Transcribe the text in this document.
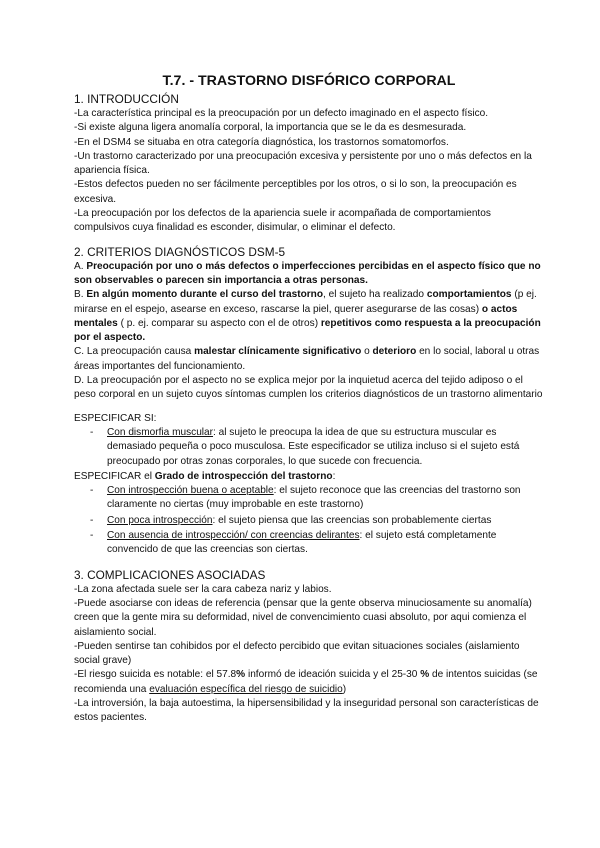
T.7. - TRASTORNO DISFÓRICO CORPORAL

1. INTRODUCCIÓN

-La característica principal es la preocupación por un defecto imaginado en el aspecto físico.

-Si existe alguna ligera anomalía corporal, la importancia que se le da es desmesurada.

-En el DSM4 se situaba en otra categoría diagnóstica, los trastornos somatomorfos.

-Un trastorno caracterizado por una preocupación excesiva y persistente por uno o más defectos en la apariencia física.

-Estos defectos pueden no ser fácilmente perceptibles por los otros, o si lo son, la preocupación es excesiva.

-La preocupación por los defectos de la apariencia suele ir acompañada de comportamientos compulsivos cuya finalidad es esconder, disimular, o eliminar el defecto.

2. CRITERIOS DIAGNÓSTICOS DSM-5

A. Preocupación por uno o más defectos o imperfecciones percibidas en el aspecto físico que no son observables o parecen sin importancia a otras personas.

B. En algún momento durante el curso del trastorno, el sujeto ha realizado comportamientos (p ej. mirarse en el espejo, asearse en exceso, rascarse la piel, querer asegurarse de las cosas) o actos mentales ( p. ej. comparar su aspecto con el de otros) repetitivos como respuesta a la preocupación por el aspecto.

C. La preocupación causa malestar clínicamente significativo o deterioro en lo social, laboral u otras áreas importantes del funcionamiento.

D. La preocupación por el aspecto no se explica mejor por la inquietud acerca del tejido adiposo o el peso corporal en un sujeto cuyos síntomas cumplen los criterios diagnósticos de un trastorno alimentario

ESPECIFICAR SI:

- Con dismorfia muscular: al sujeto le preocupa la idea de que su estructura muscular es demasiado pequeña o poco musculosa. Este especificador se utiliza incluso si el sujeto está preocupado por otras zonas corporales, lo que sucede con frecuencia.

ESPECIFICAR el Grado de introspección del trastorno:

- Con introspección buena o aceptable: el sujeto reconoce que las creencias del trastorno son claramente no ciertas (muy improbable en este trastorno)
- Con poca introspección: el sujeto piensa que las creencias son probablemente ciertas
- Con ausencia de introspección/ con creencias delirantes: el sujeto está completamente convencido de que las creencias son ciertas.

3. COMPLICACIONES ASOCIADAS

-La zona afectada suele ser la cara cabeza nariz y labios.

-Puede asociarse con ideas de referencia (pensar que la gente observa minuciosamente su anomalía) creen que la gente mira su deformidad, nivel de convencimiento cuasi absoluto, por aqui comienza el aislamiento social.

-Pueden sentirse tan cohibidos por el defecto percibido que evitan situaciones sociales (aislamiento social grave)

-El riesgo suicida es notable: el 57.8% informó de ideación suicida y el 25-30 % de intentos suicidas (se recomienda una evaluación específica del riesgo de suicidio)

-La introversión, la baja autoestima, la hipersensibilidad y la inseguridad personal son características de estos pacientes.
